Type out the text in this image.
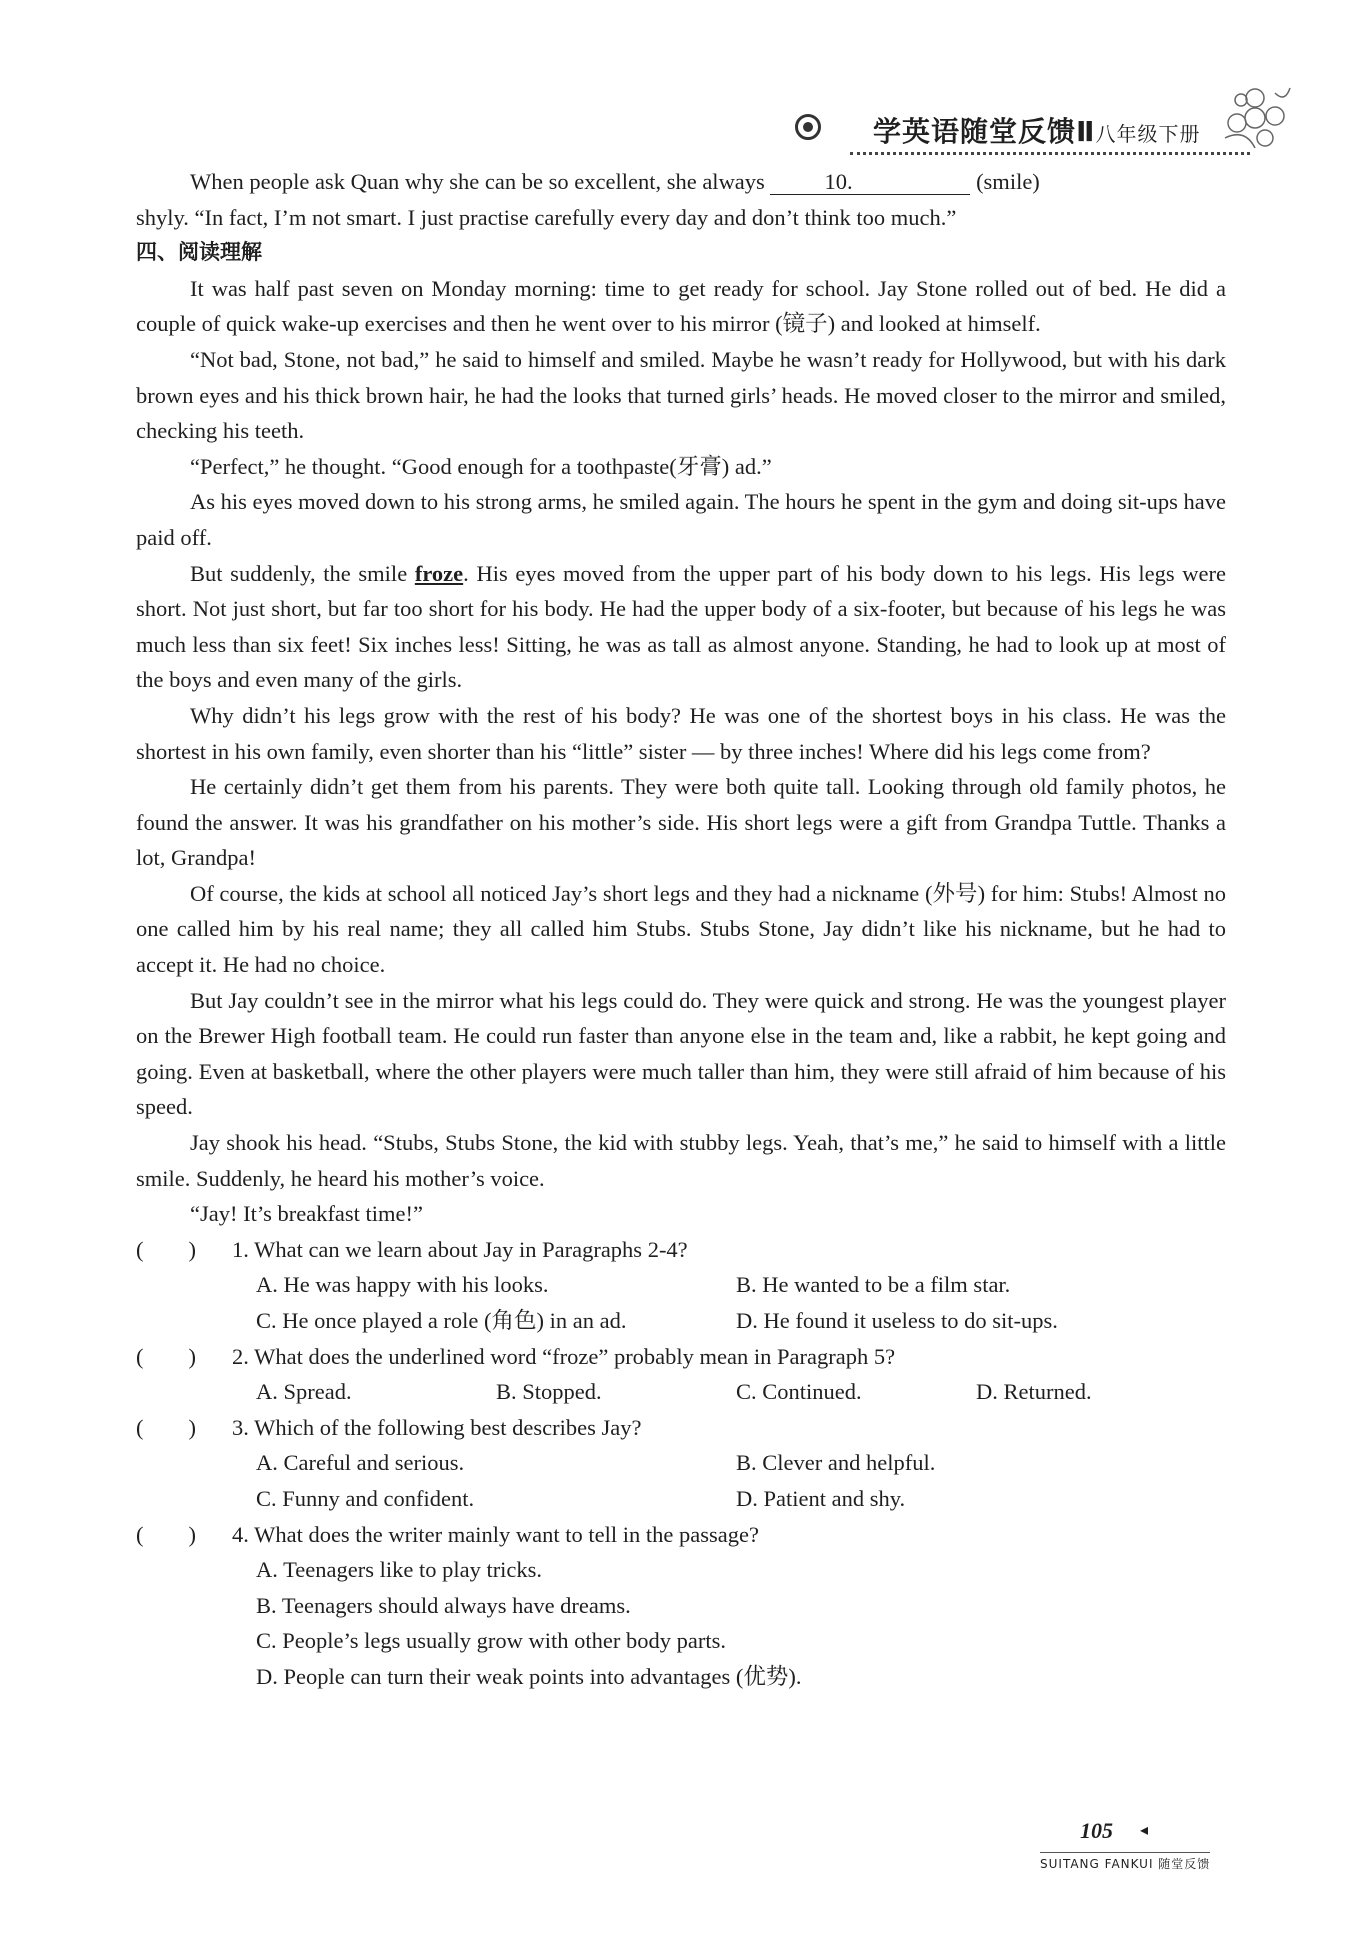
学英语随堂反馈Ⅱ八年级下册

When people ask Quan why she can be so excellent, she always 10.	(smile)

shyly. “In fact, I’m not smart. I just practise carefully every day and don’t think too much.”

四、阅读理解

It was half past seven on Monday morning: time to get ready for school. Jay Stone rolled out of bed. He did a couple of quick wake-up exercises and then he went over to his mirror (镜子) and looked at himself.

“Not bad, Stone, not bad,” he said to himself and smiled. Maybe he wasn’t ready for Hollywood, but with his dark brown eyes and his thick brown hair, he had the looks that turned girls’ heads. He moved closer to the mirror and smiled, checking his teeth.

“Perfect,” he thought. “Good enough for a toothpaste(牙膏) ad.”

As his eyes moved down to his strong arms, he smiled again. The hours he spent in the gym and doing sit-ups have paid off.

But suddenly, the smile froze. His eyes moved from the upper part of his body down to his legs. His legs were short. Not just short, but far too short for his body. He had the upper body of a six-footer, but because of his legs he was much less than six feet! Six inches less! Sitting, he was as tall as almost anyone. Standing, he had to look up at most of the boys and even many of the girls.

Why didn’t his legs grow with the rest of his body? He was one of the shortest boys in his class. He was the shortest in his own family, even shorter than his “little” sister — by three inches! Where did his legs come from?

He certainly didn’t get them from his parents. They were both quite tall. Looking through old family photos, he found the answer. It was his grandfather on his mother’s side. His short legs were a gift from Grandpa Tuttle. Thanks a lot, Grandpa!

Of course, the kids at school all noticed Jay’s short legs and they had a nickname (外号) for him: Stubs! Almost no one called him by his real name; they all called him Stubs. Stubs Stone, Jay didn’t like his nickname, but he had to accept it. He had no choice.

But Jay couldn’t see in the mirror what his legs could do. They were quick and strong. He was the youngest player on the Brewer High football team. He could run faster than anyone else in the team and, like a rabbit, he kept going and going. Even at basketball, where the other players were much taller than him, they were still afraid of him because of his speed.

Jay shook his head. “Stubs, Stubs Stone, the kid with stubby legs. Yeah, that’s me,” he said to himself with a little smile. Suddenly, he heard his mother’s voice.

“Jay! It’s breakfast time!”

(　　) 1. What can we learn about Jay in Paragraphs 2-4?
A. He was happy with his looks.	B. He wanted to be a film star.
C. He once played a role (角色) in an ad.	D. He found it useless to do sit-ups.
(　　) 2. What does the underlined word “froze” probably mean in Paragraph 5?
A. Spread.	B. Stopped.	C. Continued.	D. Returned.
(　　) 3. Which of the following best describes Jay?
A. Careful and serious.	B. Clever and helpful.
C. Funny and confident.	D. Patient and shy.
(　　) 4. What does the writer mainly want to tell in the passage?
A. Teenagers like to play tricks.
B. Teenagers should always have dreams.
C. People’s legs usually grow with other body parts.
D. People can turn their weak points into advantages (优势).
105 ◂
SUITANG FANKUI 随堂反馈
